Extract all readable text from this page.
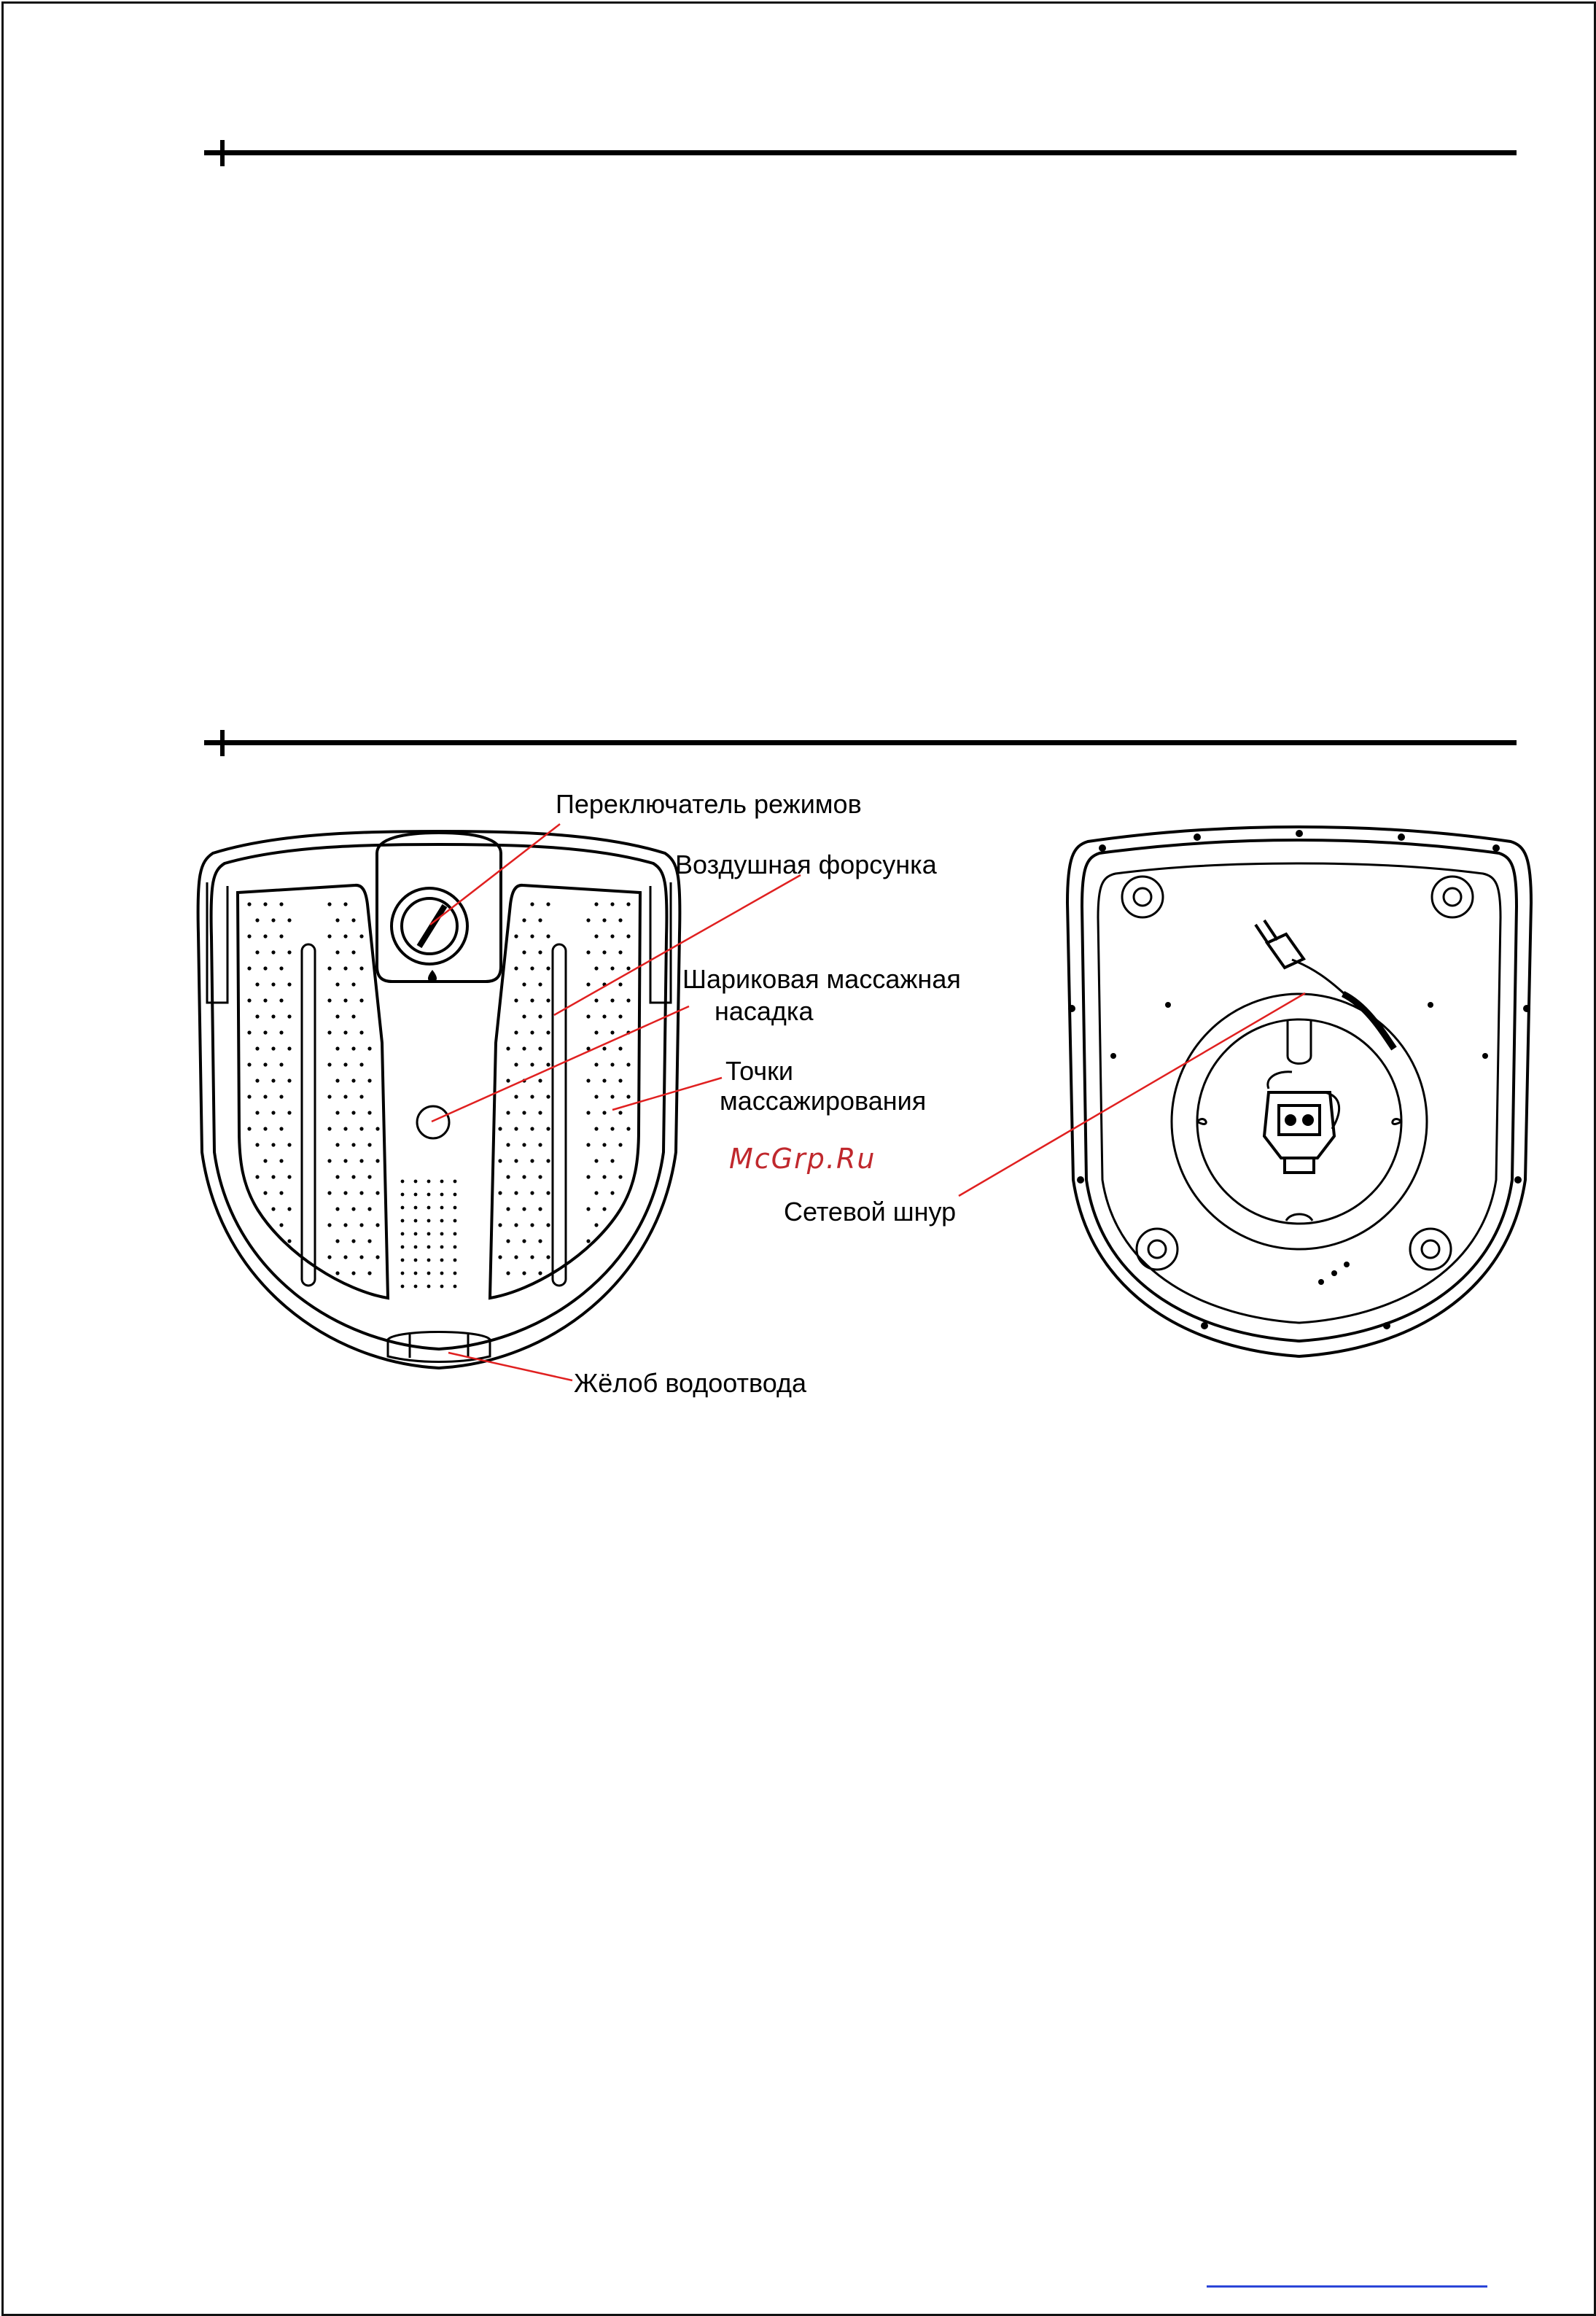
Переключатель режимов
Воздушная форсунка
Шариковая массажная
насадка
Точки
массажирования
Сетевой шнур
Жёлоб водоотвода
McGrp.Ru
